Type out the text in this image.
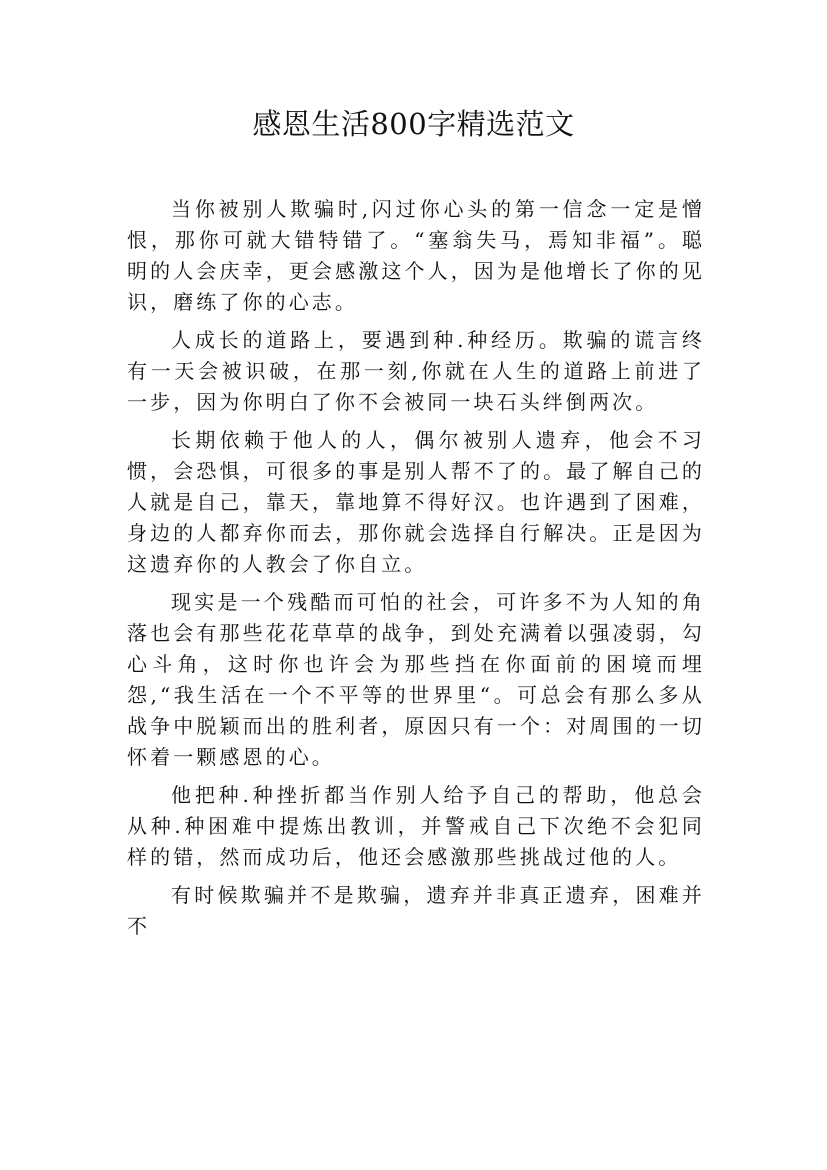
感恩生活800字精选范文

当你被别人欺骗时,闪过你心头的第一信念一定是憎恨，那你可就大错特错了。“塞翁失马，焉知非福”。聪明的人会庆幸，更会感激这个人，因为是他增长了你的见识，磨练了你的心志。

人成长的道路上，要遇到种.种经历。欺骗的谎言终有一天会被识破，在那一刻,你就在人生的道路上前进了一步，因为你明白了你不会被同一块石头绊倒两次。

长期依赖于他人的人，偶尔被别人遗弃，他会不习惯，会恐惧，可很多的事是别人帮不了的。最了解自己的人就是自己，靠天，靠地算不得好汉。也许遇到了困难，身边的人都弃你而去，那你就会选择自行解决。正是因为这遗弃你的人教会了你自立。

现实是一个残酷而可怕的社会，可许多不为人知的角落也会有那些花花草草的战争，到处充满着以强凌弱，勾心斗角，这时你也许会为那些挡在你面前的困境而埋怨,“我生活在一个不平等的世界里“。可总会有那么多从战争中脱颖而出的胜利者，原因只有一个：对周围的一切怀着一颗感恩的心。

他把种.种挫折都当作别人给予自己的帮助，他总会从种.种困难中提炼出教训，并警戒自己下次绝不会犯同样的错，然而成功后，他还会感激那些挑战过他的人。

有时候欺骗并不是欺骗，遗弃并非真正遗弃，困难并不
